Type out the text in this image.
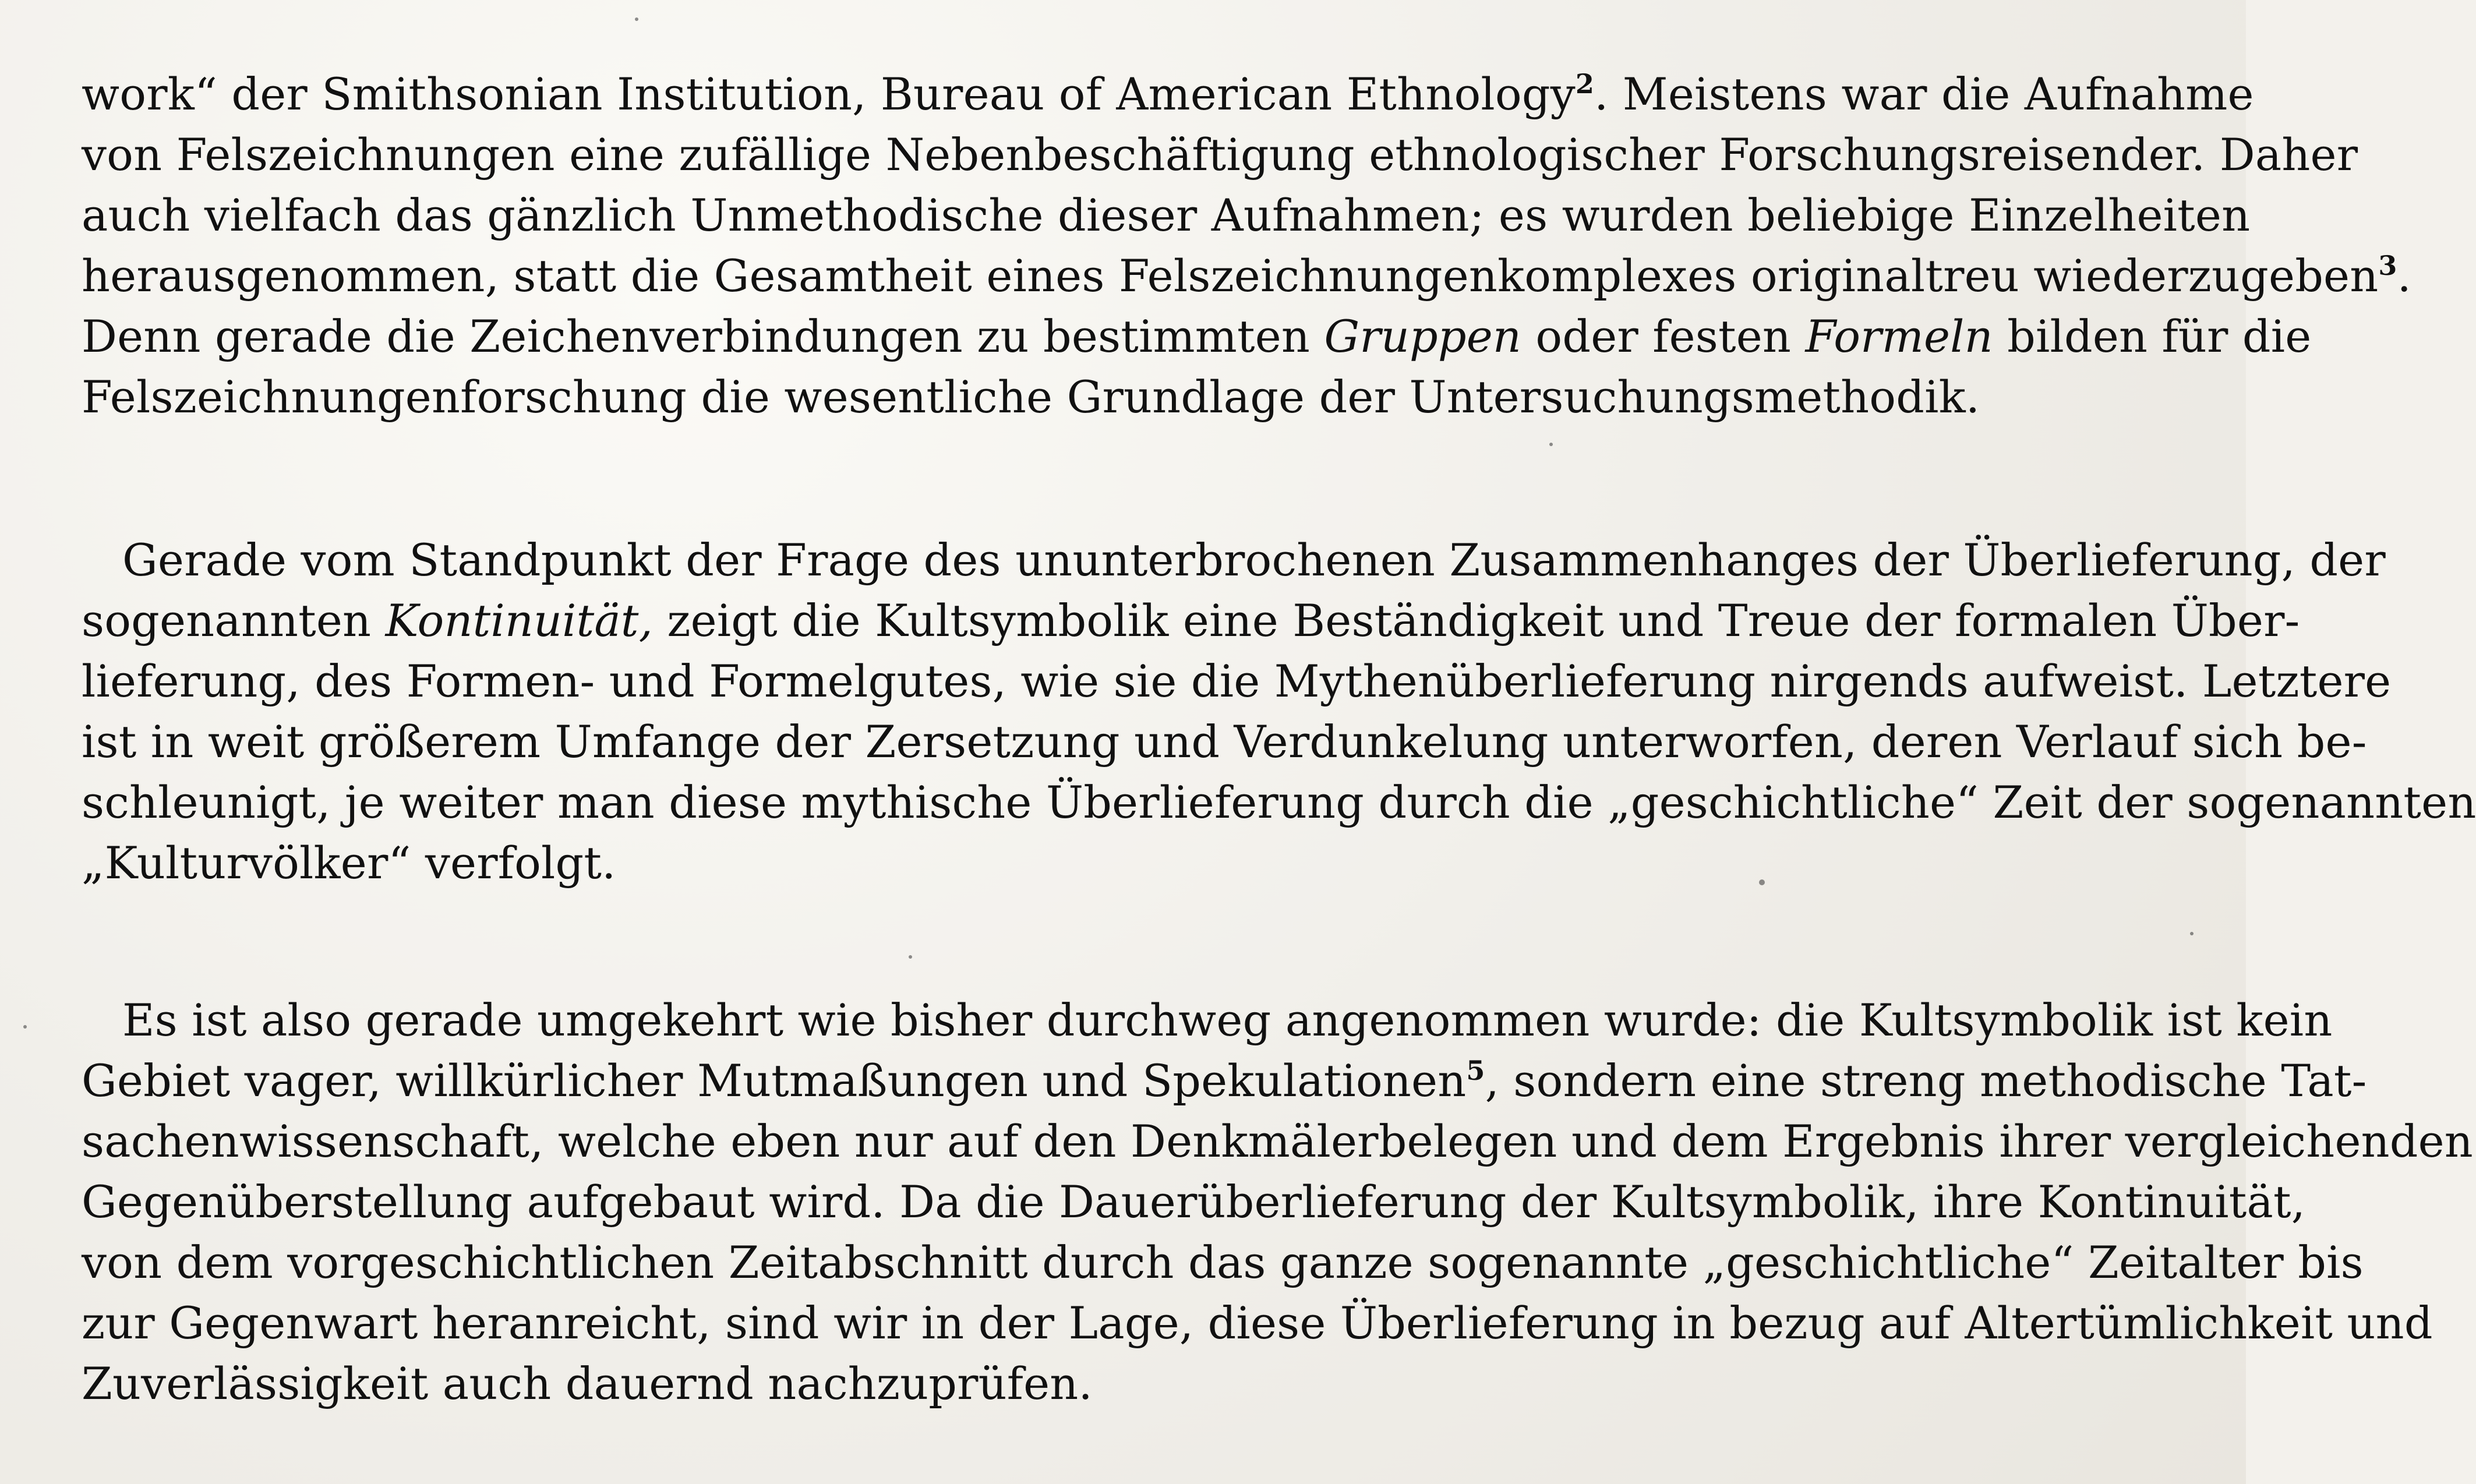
work“ der Smithsonian Institution, Bureau of American Ethnology$^2$. Meistens war die Aufnahme
von Felszeichnungen eine zufällige Nebenbeschäftigung ethnologischer Forschungsreisender. Daher
auch vielfach das gänzlich Unmethodische dieser Aufnahmen; es wurden beliebige Einzelheiten
herausgenommen, statt die Gesamtheit eines Felszeichnungenkomplexes originaltreu wiederzugeben$^3$.
Denn gerade die Zeichenverbindungen zu bestimmten Gruppen oder festen Formeln bilden für die
Felszeichnungenforschung die wesentliche Grundlage der Untersuchungsmethodik.
Gerade vom Standpunkt der Frage des ununterbrochenen Zusammenhanges der Überlieferung, der
sogenannten Kontinuität, zeigt die Kultsymbolik eine Beständigkeit und Treue der formalen Über-
lieferung, des Formen- und Formelgutes, wie sie die Mythenüberlieferung nirgends aufweist. Letztere
ist in weit größerem Umfange der Zersetzung und Verdunkelung unterworfen, deren Verlauf sich be-
schleunigt, je weiter man diese mythische Überlieferung durch die „geschichtliche“ Zeit der sogenannten
„Kulturvölker“ verfolgt.
Es ist also gerade umgekehrt wie bisher durchweg angenommen wurde: die Kultsymbolik ist kein
Gebiet vager, willkürlicher Mutmaßungen und Spekulationen$^5$, sondern eine streng methodische Tat-
sachenwissenschaft, welche eben nur auf den Denkmälerbelegen und dem Ergebnis ihrer vergleichenden
Gegenüberstellung aufgebaut wird. Da die Dauerüberlieferung der Kultsymbolik, ihre Kontinuität,
von dem vorgeschichtlichen Zeitabschnitt durch das ganze sogenannte „geschichtliche“ Zeitalter bis
zur Gegenwart heranreicht, sind wir in der Lage, diese Überlieferung in bezug auf Altertümlichkeit und
Zuverlässigkeit auch dauernd nachzuprüfen.
